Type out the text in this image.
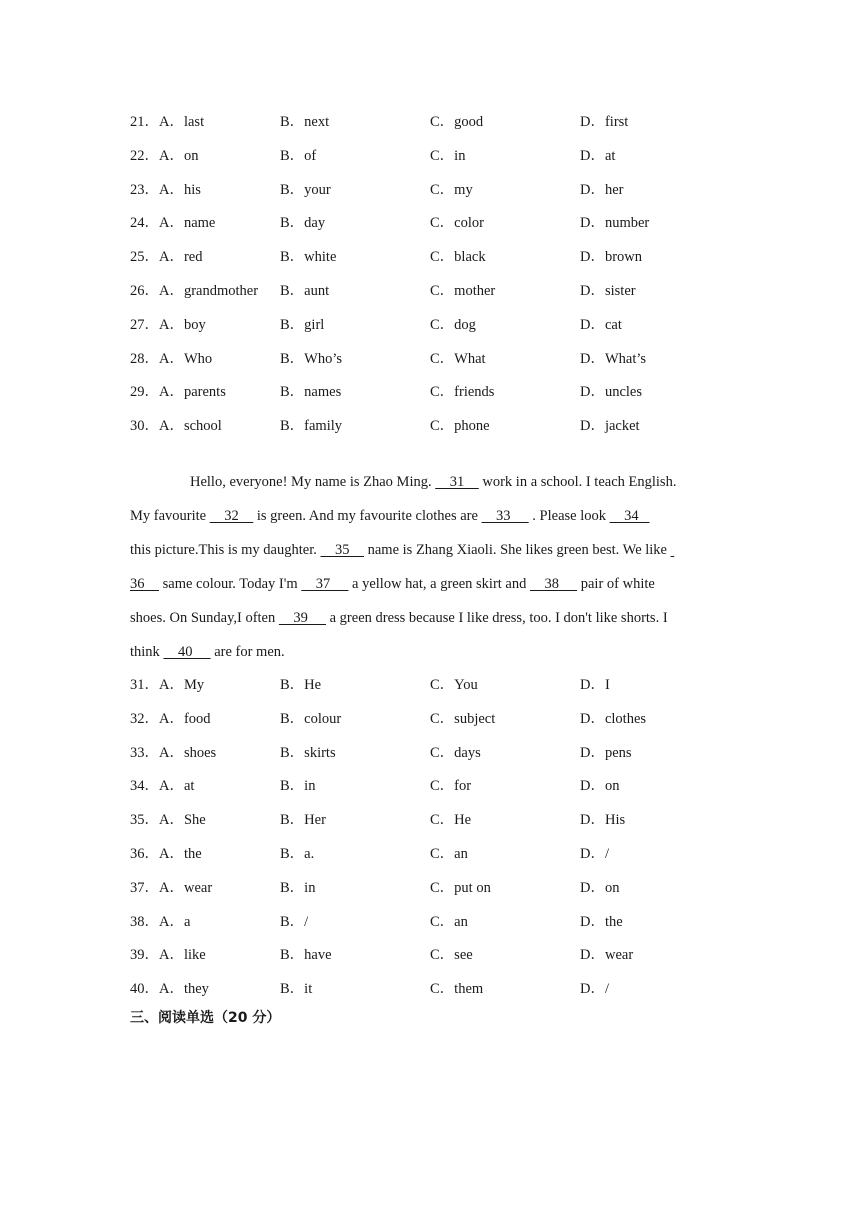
21．A．last	B．next	C．good	D．first
22．A．on	B．of	C．in	D．at
23．A．his	B．your	C．my	D．her
24．A．name	B．day	C．color	D．number
25．A．red	B．white	C．black	D．brown
26．A．grandmother B．aunt	C．mother	D．sister
27．A．boy	B．girl	C．dog	D．cat
28．A．Who	B．Who’s	C．What	D．What’s
29．A．parents	B．names	C．friends	D．uncles
30．A．school	B．family	C．phone	D．jacket
Hello, everyone! My name is Zhao Ming.     31     work in a school. I teach English.
My favourite     32     is green. And my favourite clothes are     33      . Please look     34
this picture.This is my daughter.     35     name is Zhang Xiaoli. She likes green best. We like
36     same colour. Today I'm     37      a yellow hat, a green skirt and     38      pair of white
shoes. On Sunday,I often     39      a green dress because I like dress, too. I don't like shorts. I
think     40      are for men.
31．A．My	B．He	C．You	D．I
32．A．food	B．colour	C．subject	D．clothes
33．A．shoes	B．skirts	C．days	D．pens
34．A．at	B．in	C．for	D．on
35．A．She	B．Her	C．He	D．His
36．A．the	B．a.	C．an	D．/
37．A．wear	B．in	C．put on	D．on
38．A．a	B．/	C．an	D．the
39．A．like	B．have	C．see	D．wear
40．A．they	B．it	C．them	D．/
三、阅读单选（20 分）
